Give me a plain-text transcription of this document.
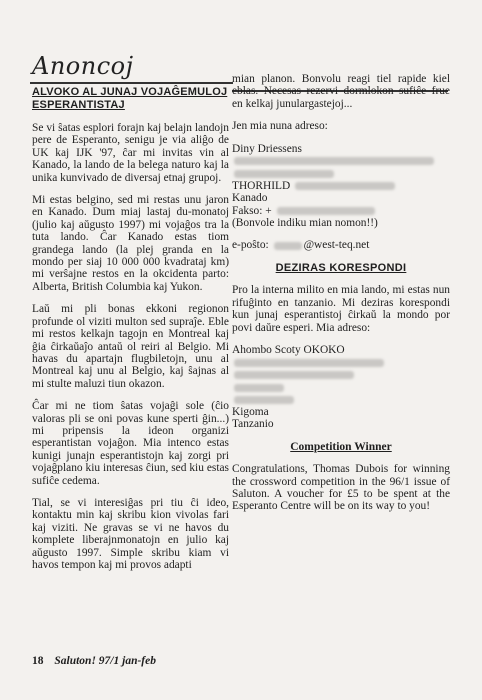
Anoncoj
ALVOKO AL JUNAJ VOJAĜEMULOJ ESPERANTISTAJ

Se vi ŝatas esplori forajn kaj belajn landojn pere de Esperanto, senigu je via aliĝo de UK kaj IJK '97, ĉar mi invitas vin al Kanado, la lando de la belega naturo kaj la unika kunvivado de diversaj etnaj grupoj.

Mi estas belgino, sed mi restas unu jaron en Kanado. Dum miaj lastaj du-monatoj (julio kaj aŭgusto 1997) mi vojaĝos tra la tuta lando. Ĉar Kanado estas tiom grandega lando (la plej granda en la mondo per siaj 10 000 000 kvadrataj km) mi verŝajne restos en la okcidenta parto: Alberta, British Columbia kaj Yukon.

Laŭ mi pli bonas ekkoni regionon profunde ol viziti multon sed supraĵe. Eble mi restos kelkajn tagojn en Montreal kaj ĝia ĉirkaŭaĵo antaŭ ol reiri al Belgio. Mi havas du apartajn flugbiletojn, unu al Montreal kaj unu al Belgio, kaj ŝajnas al mi stulte maluzi tiun okazon.

Ĉar mi ne tiom ŝatas vojaĝi sole (ĉio valoras pli se oni povas kune sperti ĝin...) mi pripensis la ideon organizi esperantistan vojaĝon. Mia intenco estas kunigi junajn esperantistojn kaj zorgi pri vojaĝplano kiu interesas ĉiun, sed kiu estas sufiĉe cedema.

Tial, se vi interesiĝas pri tiu ĉi ideo, kontaktu min kaj skribu kion vivolas fari kaj viziti. Ne gravas se vi ne havos du komplete liberajnmonatojn en julio kaj aŭgusto 1997. Simple skribu kiam vi havos tempon kaj mi provos adapti

mian planon. Bonvolu reagi tiel rapide kiel eblas. Necesas rezervi dormlokon sufiĉe frue en kelkaj junulargastejoj...

Jen mia nuna adreso:

Diny Driessens
THORHILD
Kanado
Fakso: +
(Bonvole indiku mian nomon!!)
e-poŝto:	@west-teq.net
DEZIRAS KORESPONDI

Pro la interna milito en mia lando, mi estas nun rifuĝinto en tanzanio. Mi deziras korespondi kun junaj esperantistoj ĉirkaŭ la mondo por povi daŭre esperi. Mia adreso:

Ahombo Scoty OKOKO
Kigoma
Tanzanio
Competition Winner

Congratulations, Thomas Dubois for winning the crossword competition in the 96/1 issue of Saluton. A voucher for £5 to be spent at the Esperanto Centre will be on its way to you!

18 Saluton! 97/1 jan-feb
